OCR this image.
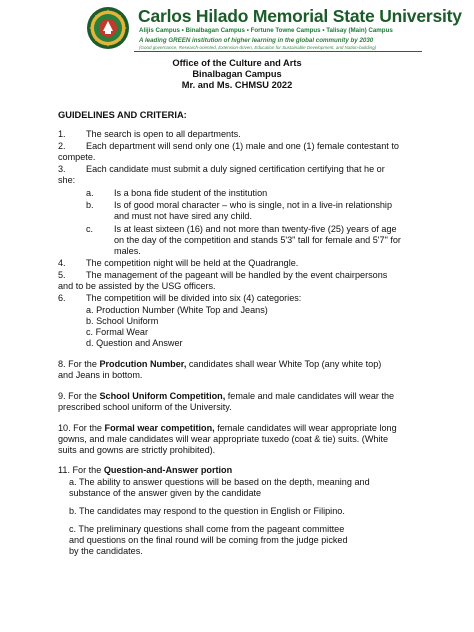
Carlos Hilado Memorial State University
Alijis Campus • Binalbagan Campus • Fortune Towne Campus • Talisay (Main) Campus
A leading GREEN institution of higher learning in the global community by 2030
(Good governance, Research-oriented, Extension-driven, Education for Sustainable Development, and Nation-building)
Office of the Culture and Arts
Binalbagan Campus
Mr. and Ms. CHMSU 2022
GUIDELINES AND CRITERIA:
1. The search is open to all departments.
2. Each department will send only one (1) male and one (1) female contestant to
compete.
3. Each candidate must submit a duly signed certification certifying that he or
she:
a. Is a bona fide student of the institution
b. Is of good moral character – who is single, not in a live-in relationship
and must not have sired any child.
c. Is at least sixteen (16) and not more than twenty-five (25) years of age
on the day of the competition and stands 5'3" tall for female and 5'7" for
males.
4. The competition night will be held at the Quadrangle.
5. The management of the pageant will be handled by the event chairpersons
and to be assisted by the USG officers.
6. The competition will be divided into six (4) categories:
a. Production Number (White Top and Jeans)
b. School Uniform
c. Formal Wear
d. Question and Answer
8. For the Prodcution Number, candidates shall wear White Top (any white top)
and Jeans in bottom.
9. For the School Uniform Competition, female and male candidates will wear the
prescribed school uniform of the University.
10. For the Formal wear competition, female candidates will wear appropriate long
gowns, and male candidates will wear appropriate tuxedo (coat & tie) suits. (White
suits and gowns are strictly prohibited).
11. For the Question-and-Answer portion
a. The ability to answer questions will be based on the depth, meaning and
substance of the answer given by the candidate
b. The candidates may respond to the question in English or Filipino.
c. The preliminary questions shall come from the pageant committee
and questions on the final round will be coming from the judge picked
by the candidates.
